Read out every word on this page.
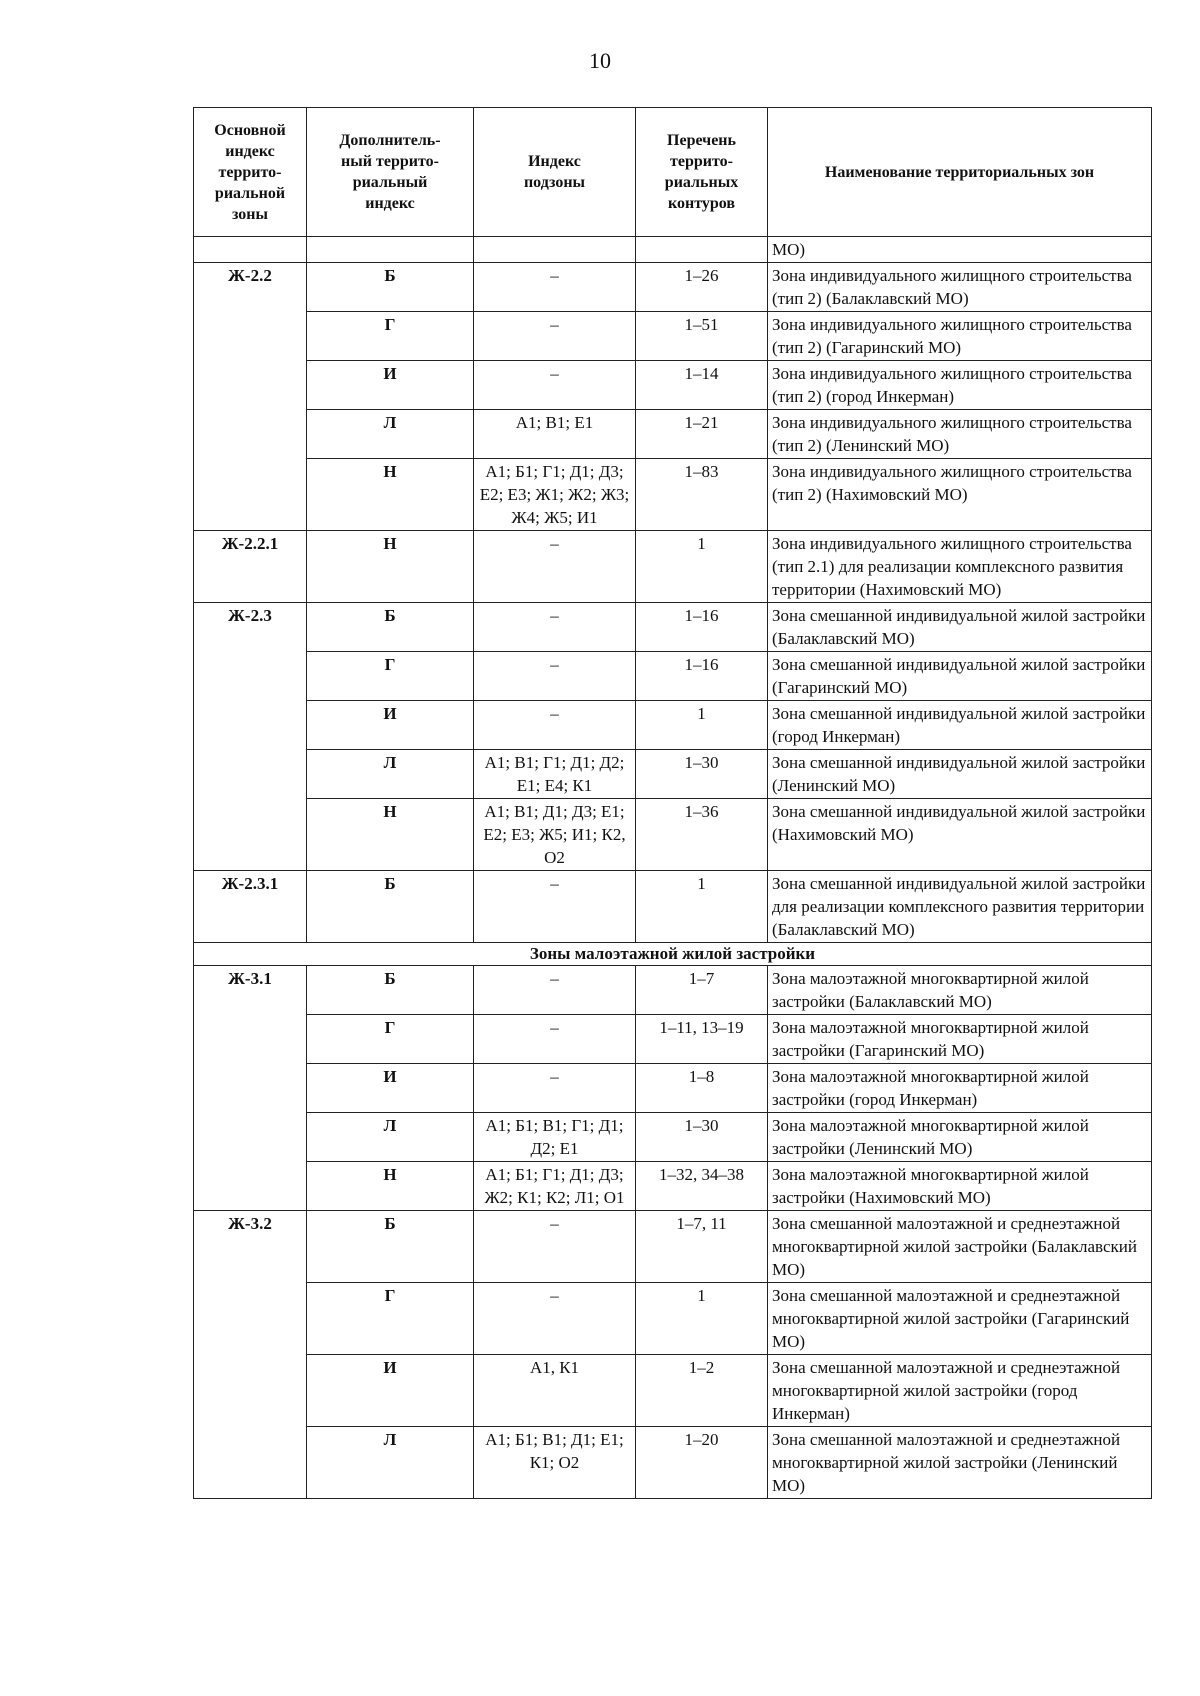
10
Основной
индекс
террито-
риальной
зоны	Дополнитель-
ный террито-
риальный
индекс	Индекс
подзоны	Перечень
террито-
риальных
контуров	Наименование территориальных зон

				МО)
Ж-2.2	Б	–	1–26	Зона индивидуального жилищного строительства (тип 2) (Балаклавский МО)
	Г	–	1–51	Зона индивидуального жилищного строительства (тип 2) (Гагаринский МО)
	И	–	1–14	Зона индивидуального жилищного строительства (тип 2) (город Инкерман)
	Л	А1; В1; Е1	1–21	Зона индивидуального жилищного строительства (тип 2) (Ленинский МО)
	Н	А1; Б1; Г1; Д1; Д3; Е2; Е3; Ж1; Ж2; Ж3; Ж4; Ж5; И1	1–83	Зона индивидуального жилищного строительства (тип 2) (Нахимовский МО)
Ж-2.2.1	Н	–	1	Зона индивидуального жилищного строительства (тип 2.1) для реализации комплексного развития территории (Нахимовский МО)
Ж-2.3	Б	–	1–16	Зона смешанной индивидуальной жилой застройки (Балаклавский МО)
	Г	–	1–16	Зона смешанной индивидуальной жилой застройки (Гагаринский МО)
	И	–	1	Зона смешанной индивидуальной жилой застройки (город Инкерман)
	Л	А1; В1; Г1; Д1; Д2; Е1; Е4; К1	1–30	Зона смешанной индивидуальной жилой застройки (Ленинский МО)
	Н	А1; В1; Д1; Д3; Е1; Е2; Е3; Ж5; И1; К2, О2	1–36	Зона смешанной индивидуальной жилой застройки (Нахимовский МО)
Ж-2.3.1	Б	–	1	Зона смешанной индивидуальной жилой застройки для реализации комплексного развития территории (Балаклавский МО)
Зоны малоэтажной жилой застройки				
Ж-3.1	Б	–	1–7	Зона малоэтажной многоквартирной жилой застройки (Балаклавский МО)
	Г	–	1–11, 13–19	Зона малоэтажной многоквартирной жилой застройки (Гагаринский МО)
	И	–	1–8	Зона малоэтажной многоквартирной жилой застройки (город Инкерман)
	Л	А1; Б1; В1; Г1; Д1; Д2; Е1	1–30	Зона малоэтажной многоквартирной жилой застройки (Ленинский МО)
	Н	А1; Б1; Г1; Д1; Д3; Ж2; К1; К2; Л1; О1	1–32, 34–38	Зона малоэтажной многоквартирной жилой застройки (Нахимовский МО)
Ж-3.2	Б	–	1–7, 11	Зона смешанной малоэтажной и среднеэтажной многоквартирной жилой застройки (Балаклавский МО)
	Г	–	1	Зона смешанной малоэтажной и среднеэтажной многоквартирной жилой застройки (Гагаринский МО)
	И	А1, К1	1–2	Зона смешанной малоэтажной и среднеэтажной многоквартирной жилой застройки (город Инкерман)
	Л	А1; Б1; В1; Д1; Е1; К1; О2	1–20	Зона смешанной малоэтажной и среднеэтажной многоквартирной жилой застройки (Ленинский МО)
